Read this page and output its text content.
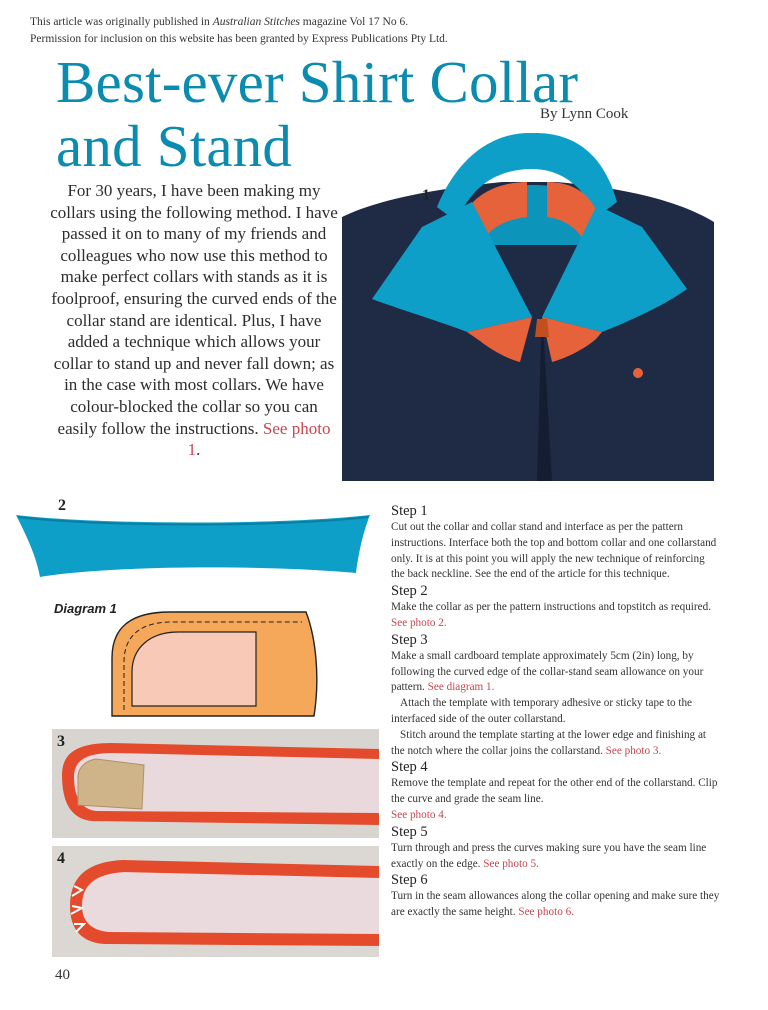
This article was originally published in Australian Stitches magazine Vol 17 No 6.
Permission for inclusion on this website has been granted by Express Publications Pty Ltd.
Best-ever Shirt Collar
and Stand	By Lynn Cook

For 30 years, I have been making my collars using the following method. I have passed it on to many of my friends and colleagues who now use this method to make perfect collars with stands as it is foolproof, ensuring the curved ends of the collar stand are identical. Plus, I have added a technique which allows your collar to stand up and never fall down; as in the case with most collars. We have colour-blocked the collar so you can easily follow the instructions. See photo 1.

1
2
Diagram 1
3
4
Step 1

Cut out the collar and collar stand and interface as per the pattern instructions. Interface both the top and bottom collar and one collarstand only. It is at this point you will apply the new technique of reinforcing the back neckline. See the end of the article for this technique.

Step 2

Make the collar as per the pattern instructions and topstitch as required. See photo 2.

Step 3

Make a small cardboard template approximately 5cm (2in) long, by following the curved edge of the collar-stand seam allowance on your pattern. See diagram 1.

Attach the template with temporary adhesive or sticky tape to the interfaced side of the outer collarstand.

Stitch around the template starting at the lower edge and finishing at the notch where the collar joins the collarstand. See photo 3.

Step 4

Remove the template and repeat for the other end of the collarstand. Clip the curve and grade the seam line.

See photo 4.

Step 5

Turn through and press the curves making sure you have the seam line exactly on the edge. See photo 5.

Step 6

Turn in the seam allowances along the collar opening and make sure they are exactly the same height. See photo 6.

40
